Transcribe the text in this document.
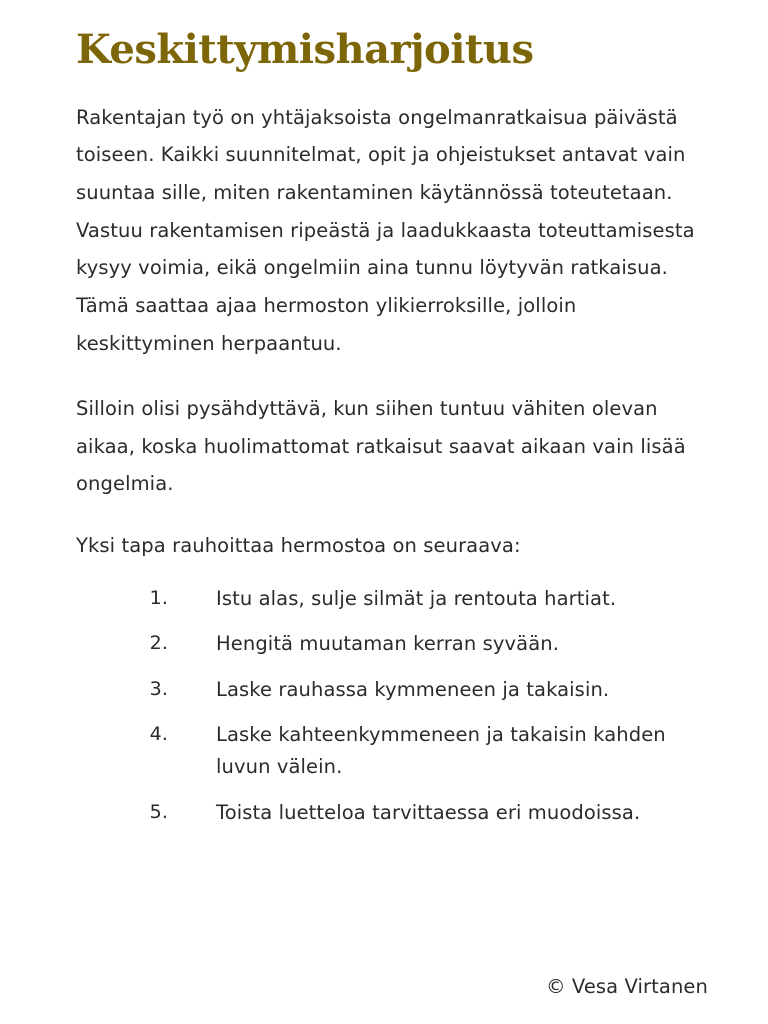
Keskittymisharjoitus

Rakentajan työ on yhtäjaksoista ongelmanratkaisua päivästä toiseen. Kaikki suunnitelmat, opit ja ohjeistukset antavat vain suuntaa sille, miten rakentaminen käytännössä toteutetaan. Vastuu rakentamisen ripeästä ja laadukkaasta toteuttamisesta kysyy voimia, eikä ongelmiin aina tunnu löytyvän ratkaisua. Tämä saattaa ajaa hermoston ylikierroksille, jolloin keskittyminen herpaantuu.

Silloin olisi pysähdyttävä, kun siihen tuntuu vähiten olevan aikaa, koska huolimattomat ratkaisut saavat aikaan vain lisää ongelmia.

Yksi tapa rauhoittaa hermostoa on seuraava:

1. Istu alas, sulje silmät ja rentouta hartiat.
2. Hengitä muutaman kerran syvään.
3. Laske rauhassa kymmeneen ja takaisin.
4. Laske kahteenkymmeneen ja takaisin kahden luvun välein.
5. Toista luetteloa tarvittaessa eri muodoissa.
© Vesa Virtanen
